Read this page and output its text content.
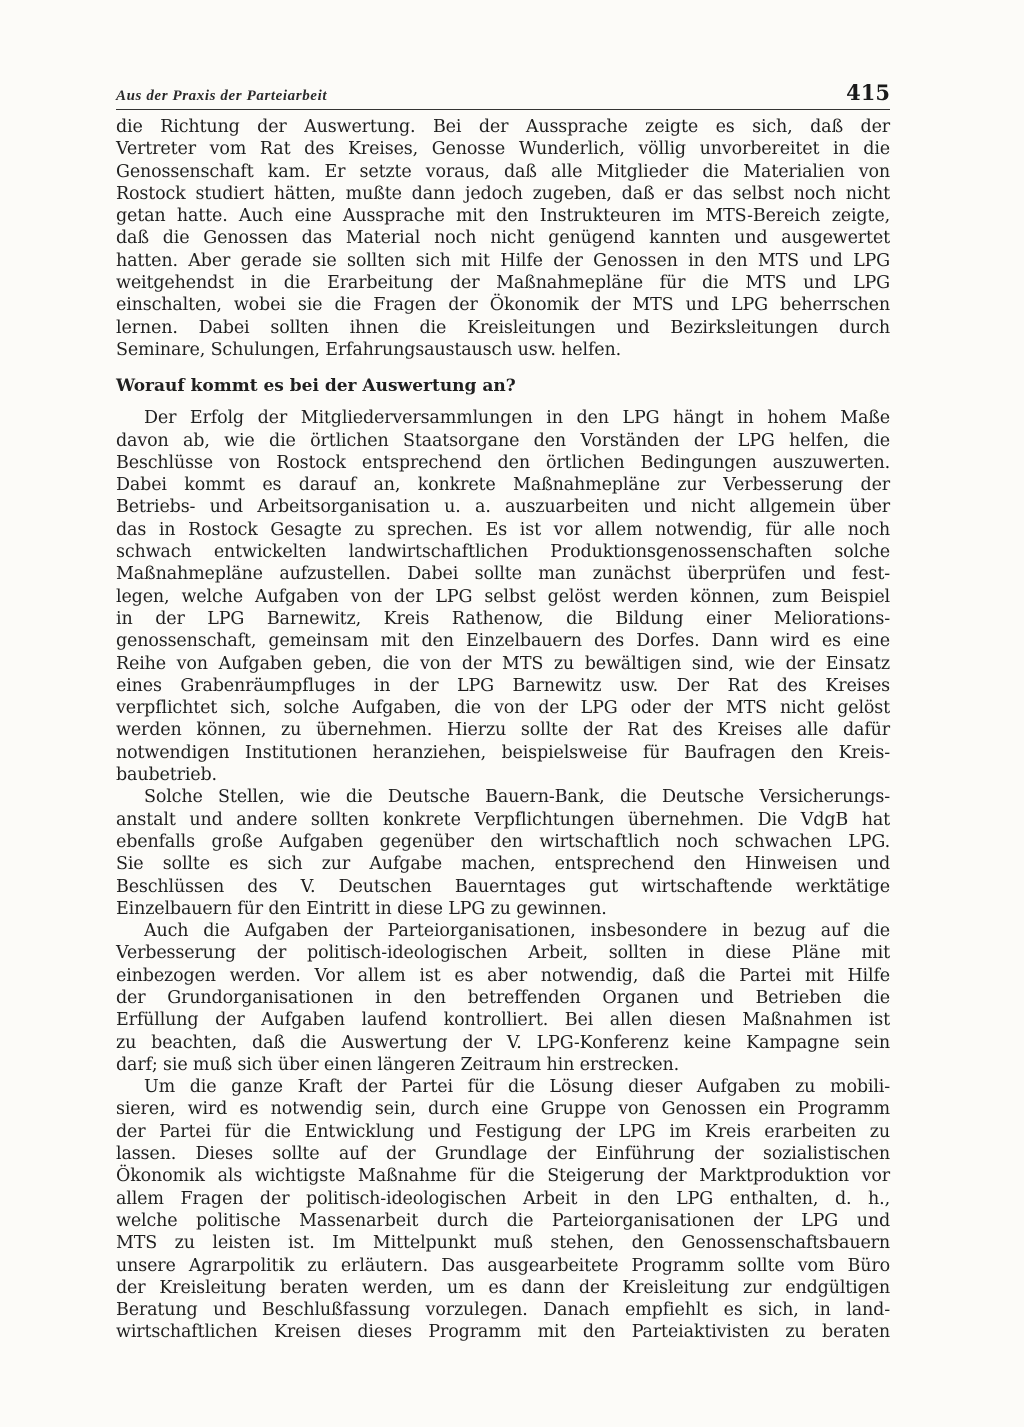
Aus der Praxis der Parteiarbeit	415
die Richtung der Auswertung. Bei der Aussprache zeigte es sich, daß der
Vertreter vom Rat des Kreises, Genosse Wunderlich, völlig unvorbereitet in die
Genossenschaft kam. Er setzte voraus, daß alle Mitglieder die Materialien von
Rostock studiert hätten, mußte dann jedoch zugeben, daß er das selbst noch nicht
getan hatte. Auch eine Aussprache mit den Instrukteuren im MTS-Bereich zeigte,
daß die Genossen das Material noch nicht genügend kannten und ausgewertet
hatten. Aber gerade sie sollten sich mit Hilfe der Genossen in den MTS und LPG
weitgehendst in die Erarbeitung der Maßnahmepläne für die MTS und LPG
einschalten, wobei sie die Fragen der Ökonomik der MTS und LPG beherrschen
lernen. Dabei sollten ihnen die Kreisleitungen und Bezirksleitungen durch
Seminare, Schulungen, Erfahrungsaustausch usw. helfen.
Worauf kommt es bei der Auswertung an?
Der Erfolg der Mitgliederversammlungen in den LPG hängt in hohem Maße
davon ab, wie die örtlichen Staatsorgane den Vorständen der LPG helfen, die
Beschlüsse von Rostock entsprechend den örtlichen Bedingungen auszuwerten.
Dabei kommt es darauf an, konkrete Maßnahmepläne zur Verbesserung der
Betriebs- und Arbeitsorganisation u. a. auszuarbeiten und nicht allgemein über
das in Rostock Gesagte zu sprechen. Es ist vor allem notwendig, für alle noch
schwach entwickelten landwirtschaftlichen Produktionsgenossenschaften solche
Maßnahmepläne aufzustellen. Dabei sollte man zunächst überprüfen und fest-
legen, welche Aufgaben von der LPG selbst gelöst werden können, zum Beispiel
in der LPG Barnewitz, Kreis Rathenow, die Bildung einer Meliorations-
genossenschaft, gemeinsam mit den Einzelbauern des Dorfes. Dann wird es eine
Reihe von Aufgaben geben, die von der MTS zu bewältigen sind, wie der Einsatz
eines Grabenräumpfluges in der LPG Barnewitz usw. Der Rat des Kreises
verpflichtet sich, solche Aufgaben, die von der LPG oder der MTS nicht gelöst
werden können, zu übernehmen. Hierzu sollte der Rat des Kreises alle dafür
notwendigen Institutionen heranziehen, beispielsweise für Baufragen den Kreis-
baubetrieb.
Solche Stellen, wie die Deutsche Bauern-Bank, die Deutsche Versicherungs-
anstalt und andere sollten konkrete Verpflichtungen übernehmen. Die VdgB hat
ebenfalls große Aufgaben gegenüber den wirtschaftlich noch schwachen LPG.
Sie sollte es sich zur Aufgabe machen, entsprechend den Hinweisen und
Beschlüssen des V. Deutschen Bauerntages gut wirtschaftende werktätige
Einzelbauern für den Eintritt in diese LPG zu gewinnen.
Auch die Aufgaben der Parteiorganisationen, insbesondere in bezug auf die
Verbesserung der politisch-ideologischen Arbeit, sollten in diese Pläne mit
einbezogen werden. Vor allem ist es aber notwendig, daß die Partei mit Hilfe
der Grundorganisationen in den betreffenden Organen und Betrieben die
Erfüllung der Aufgaben laufend kontrolliert. Bei allen diesen Maßnahmen ist
zu beachten, daß die Auswertung der V. LPG-Konferenz keine Kampagne sein
darf; sie muß sich über einen längeren Zeitraum hin erstrecken.
Um die ganze Kraft der Partei für die Lösung dieser Aufgaben zu mobili-
sieren, wird es notwendig sein, durch eine Gruppe von Genossen ein Programm
der Partei für die Entwicklung und Festigung der LPG im Kreis erarbeiten zu
lassen. Dieses sollte auf der Grundlage der Einführung der sozialistischen
Ökonomik als wichtigste Maßnahme für die Steigerung der Marktproduktion vor
allem Fragen der politisch-ideologischen Arbeit in den LPG enthalten, d. h.,
welche politische Massenarbeit durch die Parteiorganisationen der LPG und
MTS zu leisten ist. Im Mittelpunkt muß stehen, den Genossenschaftsbauern
unsere Agrarpolitik zu erläutern. Das ausgearbeitete Programm sollte vom Büro
der Kreisleitung beraten werden, um es dann der Kreisleitung zur endgültigen
Beratung und Beschlußfassung vorzulegen. Danach empfiehlt es sich, in land-
wirtschaftlichen Kreisen dieses Programm mit den Parteiaktivisten zu beraten
